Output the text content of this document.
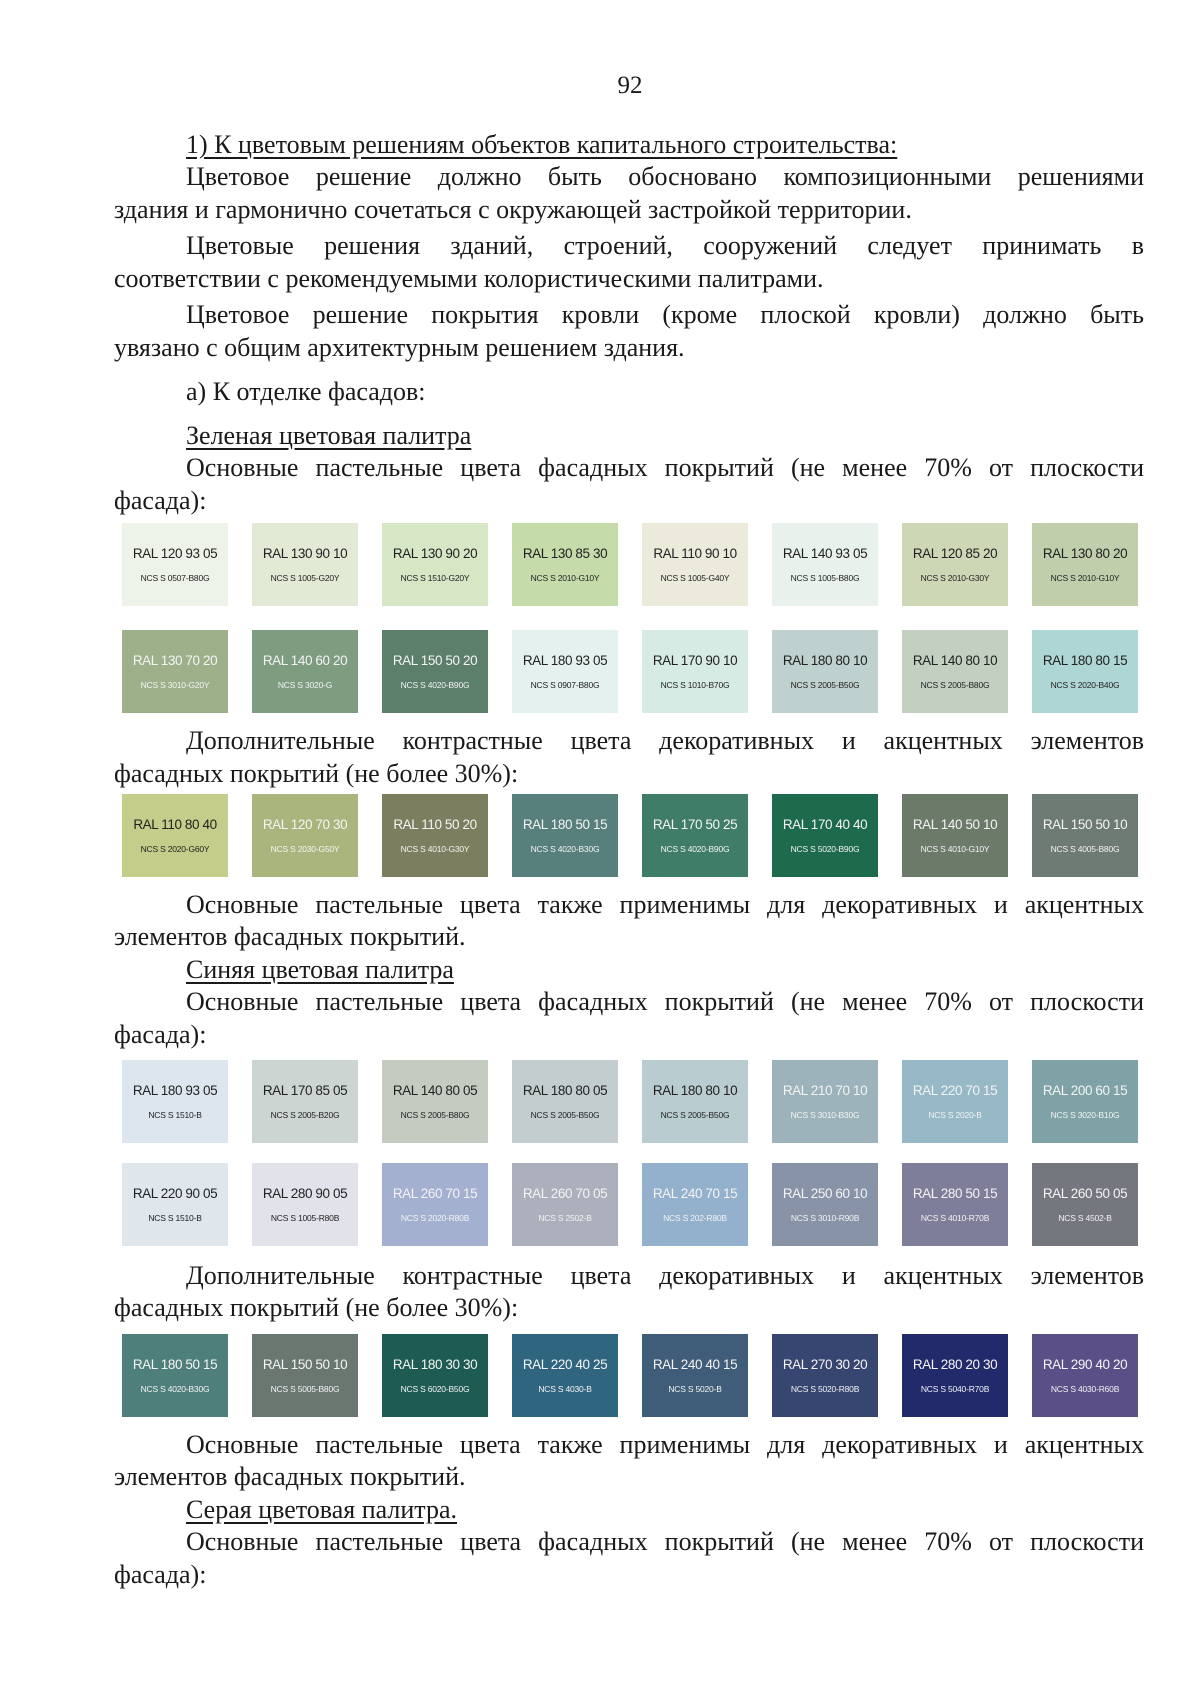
92
1) К цветовым решениям объектов капитального строительства:
Цветовое решение должно быть обосновано композиционными решениями
здания и гармонично сочетаться с окружающей застройкой территории.
Цветовые решения зданий, строений, сооружений следует принимать в
соответствии с рекомендуемыми колористическими палитрами.
Цветовое решение покрытия кровли (кроме плоской кровли) должно быть
увязано с общим архитектурным решением здания.
а) К отделке фасадов:
Зеленая цветовая палитра
Основные пастельные цвета фасадных покрытий (не менее 70% от плоскости
фасада):
RAL 120 93 05
NCS S 0507-B80G
RAL 130 90 10
NCS S 1005-G20Y
RAL 130 90 20
NCS S 1510-G20Y
RAL 130 85 30
NCS S 2010-G10Y
RAL 110 90 10
NCS S 1005-G40Y
RAL 140 93 05
NCS S 1005-B80G
RAL 120 85 20
NCS S 2010-G30Y
RAL 130 80 20
NCS S 2010-G10Y
RAL 130 70 20
NCS S 3010-G20Y
RAL 140 60 20
NCS S 3020-G
RAL 150 50 20
NCS S 4020-B90G
RAL 180 93 05
NCS S 0907-B80G
RAL 170 90 10
NCS S 1010-B70G
RAL 180 80 10
NCS S 2005-B50G
RAL 140 80 10
NCS S 2005-B80G
RAL 180 80 15
NCS S 2020-B40G
Дополнительные контрастные цвета декоративных и акцентных элементов
фасадных покрытий (не более 30%):
RAL 110 80 40
NCS S 2020-G60Y
RAL 120 70 30
NCS S 2030-G50Y
RAL 110 50 20
NCS S 4010-G30Y
RAL 180 50 15
NCS S 4020-B30G
RAL 170 50 25
NCS S 4020-B90G
RAL 170 40 40
NCS S 5020-B90G
RAL 140 50 10
NCS S 4010-G10Y
RAL 150 50 10
NCS S 4005-B80G
Основные пастельные цвета также применимы для декоративных и акцентных
элементов фасадных покрытий.
Синяя цветовая палитра
Основные пастельные цвета фасадных покрытий (не менее 70% от плоскости
фасада):
RAL 180 93 05
NCS S 1510-B
RAL 170 85 05
NCS S 2005-B20G
RAL 140 80 05
NCS S 2005-B80G
RAL 180 80 05
NCS S 2005-B50G
RAL 180 80 10
NCS S 2005-B50G
RAL 210 70 10
NCS S 3010-B30G
RAL 220 70 15
NCS S 2020-B
RAL 200 60 15
NCS S 3020-B10G
RAL 220 90 05
NCS S 1510-B
RAL 280 90 05
NCS S 1005-R80B
RAL 260 70 15
NCS S 2020-R80B
RAL 260 70 05
NCS S 2502-B
RAL 240 70 15
NCS S 202-R80B
RAL 250 60 10
NCS S 3010-R90B
RAL 280 50 15
NCS S 4010-R70B
RAL 260 50 05
NCS S 4502-B
Дополнительные контрастные цвета декоративных и акцентных элементов
фасадных покрытий (не более 30%):
RAL 180 50 15
NCS S 4020-B30G
RAL 150 50 10
NCS S 5005-B80G
RAL 180 30 30
NCS S 6020-B50G
RAL 220 40 25
NCS S 4030-B
RAL 240 40 15
NCS S 5020-B
RAL 270 30 20
NCS S 5020-R80B
RAL 280 20 30
NCS S 5040-R70B
RAL 290 40 20
NCS S 4030-R60B
Основные пастельные цвета также применимы для декоративных и акцентных
элементов фасадных покрытий.
Серая цветовая палитра.
Основные пастельные цвета фасадных покрытий (не менее 70% от плоскости
фасада):
